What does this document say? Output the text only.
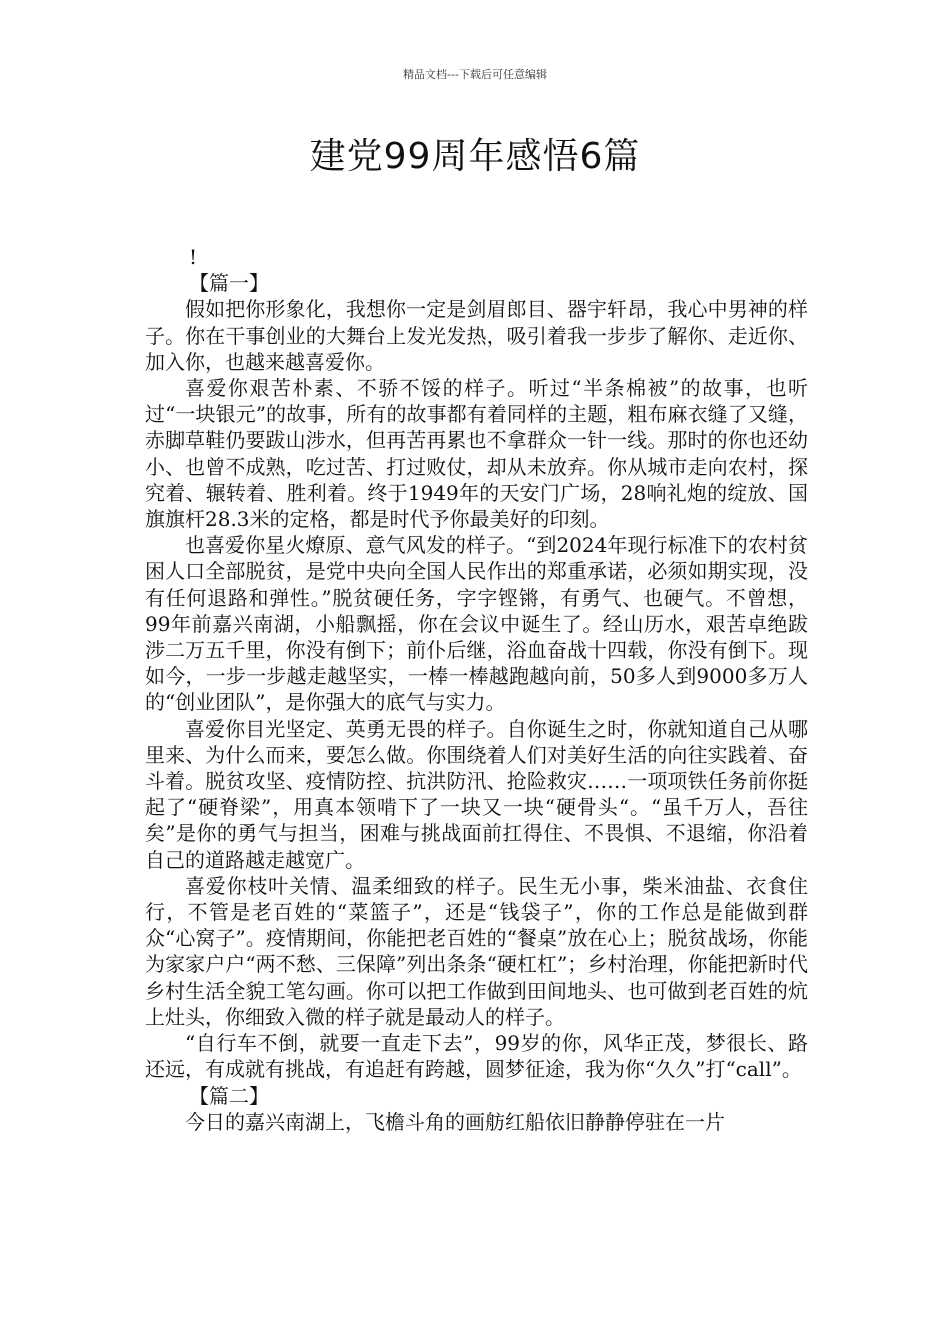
精品文档---下载后可任意编辑
建党99周年感悟6篇

!

【篇一】

假如把你形象化，我想你一定是剑眉郎目、器宇轩昂，我心中男神的样子。你在干事创业的大舞台上发光发热，吸引着我一步步了解你、走近你、加入你，也越来越喜爱你。

喜爱你艰苦朴素、不骄不馁的样子。听过“半条棉被”的故事，也听过“一块银元”的故事，所有的故事都有着同样的主题，粗布麻衣缝了又缝，赤脚草鞋仍要跋山涉水，但再苦再累也不拿群众一针一线。那时的你也还幼小、也曾不成熟，吃过苦、打过败仗，却从未放弃。你从城市走向农村，探究着、辗转着、胜利着。终于1949年的天安门广场，28响礼炮的绽放、国旗旗杆28.3米的定格，都是时代予你最美好的印刻。

也喜爱你星火燎原、意气风发的样子。“到2024年现行标准下的农村贫困人口全部脱贫，是党中央向全国人民作出的郑重承诺，必须如期实现，没有任何退路和弹性。”脱贫硬任务，字字铿锵，有勇气、也硬气。不曾想，99年前嘉兴南湖，小船飘摇，你在会议中诞生了。经山历水，艰苦卓绝跋涉二万五千里，你没有倒下；前仆后继，浴血奋战十四载，你没有倒下。现如今，一步一步越走越坚实，一棒一棒越跑越向前，50多人到9000多万人的“创业团队”，是你强大的底气与实力。

喜爱你目光坚定、英勇无畏的样子。自你诞生之时，你就知道自己从哪里来、为什么而来，要怎么做。你围绕着人们对美好生活的向往实践着、奋斗着。脱贫攻坚、疫情防控、抗洪防汛、抢险救灾……一项项铁任务前你挺起了“硬脊梁”，用真本领啃下了一块又一块“硬骨头“。“虽千万人，吾往矣”是你的勇气与担当，困难与挑战面前扛得住、不畏惧、不退缩，你沿着自己的道路越走越宽广。

喜爱你枝叶关情、温柔细致的样子。民生无小事，柴米油盐、衣食住行，不管是老百姓的“菜篮子”，还是“钱袋子”，你的工作总是能做到群众“心窝子”。疫情期间，你能把老百姓的“餐桌”放在心上；脱贫战场，你能为家家户户“两不愁、三保障”列出条条“硬杠杠”；乡村治理，你能把新时代乡村生活全貌工笔勾画。你可以把工作做到田间地头、也可做到老百姓的炕上灶头，你细致入微的样子就是最动人的样子。

“自行车不倒，就要一直走下去”，99岁的你，风华正茂，梦很长、路还远，有成就有挑战，有追赶有跨越，圆梦征途，我为你“久久”打“call”。

【篇二】

今日的嘉兴南湖上，飞檐斗角的画舫红船依旧静静停驻在一片
